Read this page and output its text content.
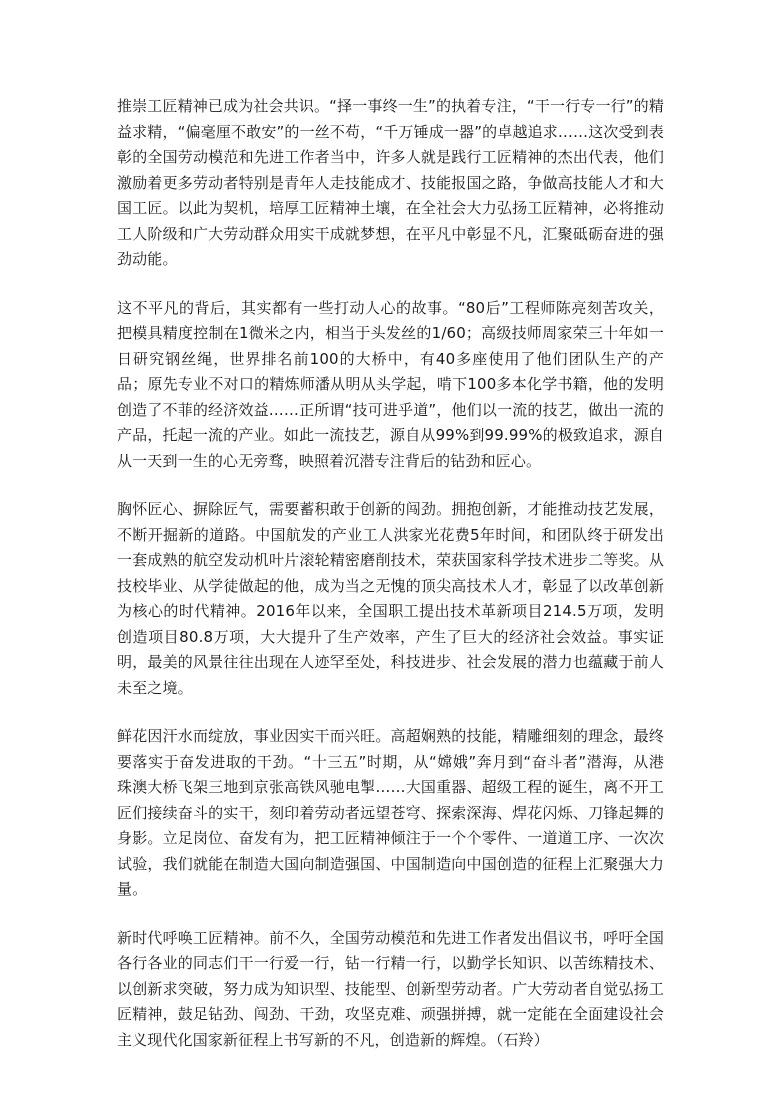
推崇工匠精神已成为社会共识。“择一事终一生”的执着专注，“干一行专一行”的精益求精，“偏毫厘不敢安”的一丝不苟，“千万锤成一器”的卓越追求……这次受到表彰的全国劳动模范和先进工作者当中，许多人就是践行工匠精神的杰出代表，他们激励着更多劳动者特别是青年人走技能成才、技能报国之路，争做高技能人才和大国工匠。以此为契机，培厚工匠精神土壤，在全社会大力弘扬工匠精神，必将推动工人阶级和广大劳动群众用实干成就梦想，在平凡中彰显不凡，汇聚砥砺奋进的强劲动能。

这不平凡的背后，其实都有一些打动人心的故事。“80后”工程师陈亮刻苦攻关，把模具精度控制在1微米之内，相当于头发丝的1/60；高级技师周家荣三十年如一日研究钢丝绳，世界排名前100的大桥中，有40多座使用了他们团队生产的产品；原先专业不对口的精炼师潘从明从头学起，啃下100多本化学书籍，他的发明创造了不菲的经济效益……正所谓“技可进乎道”，他们以一流的技艺，做出一流的产品，托起一流的产业。如此一流技艺，源自从99%到99.99%的极致追求，源自从一天到一生的心无旁骛，映照着沉潜专注背后的钻劲和匠心。

胸怀匠心、摒除匠气，需要蓄积敢于创新的闯劲。拥抱创新，才能推动技艺发展，不断开掘新的道路。中国航发的产业工人洪家光花费5年时间，和团队终于研发出一套成熟的航空发动机叶片滚轮精密磨削技术，荣获国家科学技术进步二等奖。从技校毕业、从学徒做起的他，成为当之无愧的顶尖高技术人才，彰显了以改革创新为核心的时代精神。2016年以来，全国职工提出技术革新项目214.5万项，发明创造项目80.8万项，大大提升了生产效率，产生了巨大的经济社会效益。事实证明，最美的风景往往出现在人迹罕至处，科技进步、社会发展的潜力也蕴藏于前人未至之境。

鲜花因汗水而绽放，事业因实干而兴旺。高超娴熟的技能，精雕细刻的理念，最终要落实于奋发进取的干劲。“十三五”时期，从“嫦娥”奔月到“奋斗者”潜海，从港珠澳大桥飞架三地到京张高铁风驰电掣……大国重器、超级工程的诞生，离不开工匠们接续奋斗的实干，刻印着劳动者远望苍穹、探索深海、焊花闪烁、刀锋起舞的身影。立足岗位、奋发有为，把工匠精神倾注于一个个零件、一道道工序、一次次试验，我们就能在制造大国向制造强国、中国制造向中国创造的征程上汇聚强大力量。

新时代呼唤工匠精神。前不久，全国劳动模范和先进工作者发出倡议书，呼吁全国各行各业的同志们干一行爱一行，钻一行精一行，以勤学长知识、以苦练精技术、以创新求突破，努力成为知识型、技能型、创新型劳动者。广大劳动者自觉弘扬工匠精神，鼓足钻劲、闯劲、干劲，攻坚克难、顽强拼搏，就一定能在全面建设社会主义现代化国家新征程上书写新的不凡，创造新的辉煌。（石羚）
